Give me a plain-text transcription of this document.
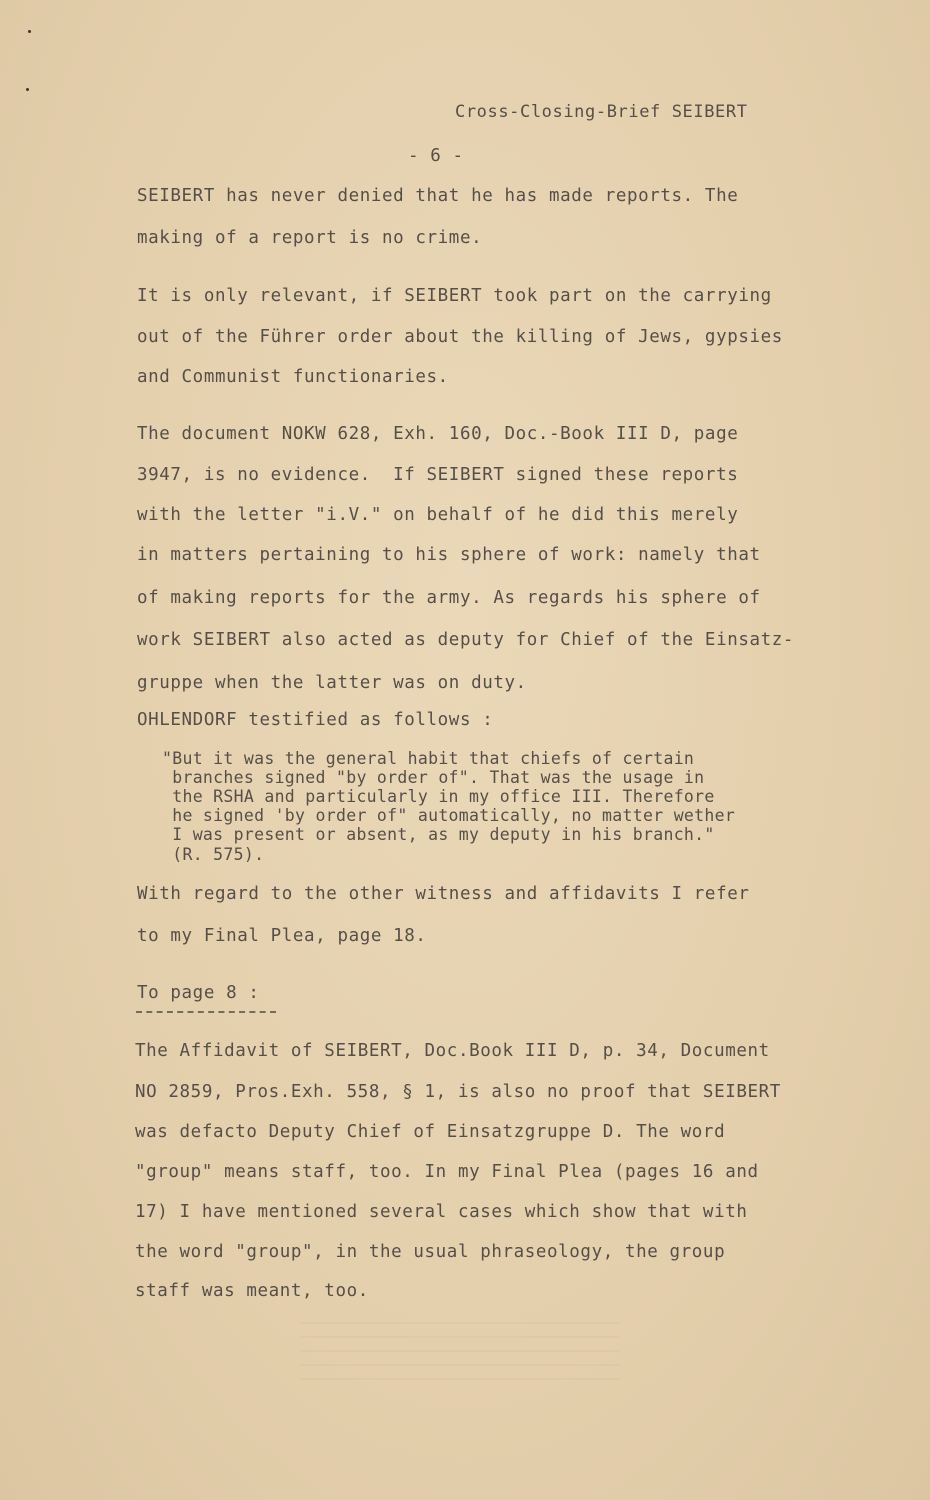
Cross-Closing-Brief SEIBERT
- 6 -
SEIBERT has never denied that he has made reports. The
making of a report is no crime.
It is only relevant, if SEIBERT took part on the carrying
out of the Führer order about the killing of Jews, gypsies
and Communist functionaries.
The document NOKW 628, Exh. 160, Doc.-Book III D, page
3947, is no evidence.  If SEIBERT signed these reports
with the letter "i.V." on behalf of he did this merely
in matters pertaining to his sphere of work: namely that
of making reports for the army. As regards his sphere of
work SEIBERT also acted as deputy for Chief of the Einsatz-
gruppe when the latter was on duty.
OHLENDORF testified as follows :
"But it was the general habit that chiefs of certain
branches signed "by order of". That was the usage in
the RSHA and particularly in my office III. Therefore
he signed 'by order of" automatically, no matter wether
I was present or absent, as my deputy in his branch."
(R. 575).
With regard to the other witness and affidavits I refer
to my Final Plea, page 18.
To page 8 :
The Affidavit of SEIBERT, Doc.Book III D, p. 34, Document
NO 2859, Pros.Exh. 558, § 1, is also no proof that SEIBERT
was defacto Deputy Chief of Einsatzgruppe D. The word
"group" means staff, too. In my Final Plea (pages 16 and
17) I have mentioned several cases which show that with
the word "group", in the usual phraseology, the group
staff was meant, too.
